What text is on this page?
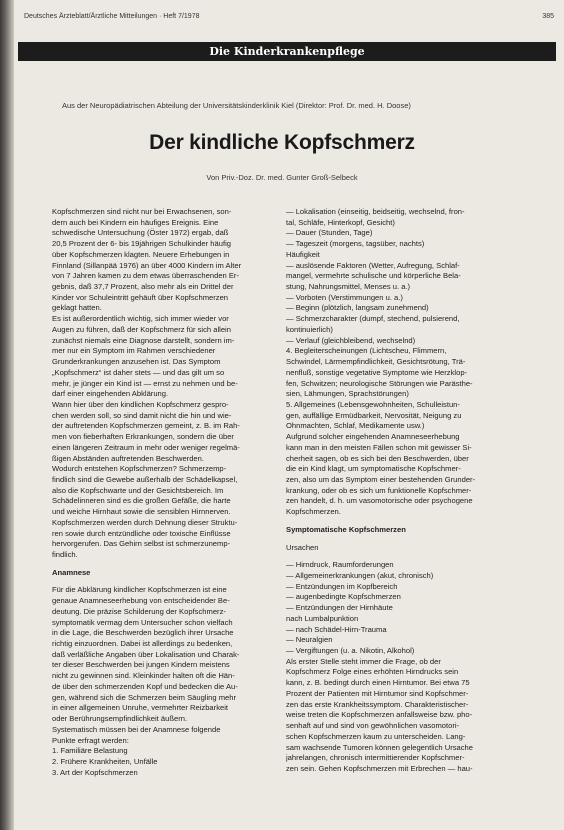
Deutsches Ärzteblatt/Ärztliche Mitteilungen · Heft 7/1978	385
Die Kinderkrankenpflege
Aus der Neuropädiatrischen Abteilung der Universitätskinderklinik Kiel (Direktor: Prof. Dr. med. H. Doose)
Der kindliche Kopfschmerz
Von Priv.-Doz. Dr. med. Gunter Groß-Selbeck
Kopfschmerzen sind nicht nur bei Erwachsenen, son-
dern auch bei Kindern ein häufiges Ereignis. Eine
schwedische Untersuchung (Öster 1972) ergab, daß
20,5 Prozent der 6- bis 19jährigen Schulkinder häufig
über Kopfschmerzen klagten. Neuere Erhebungen in
Finnland (Sillanpää 1976) an über 4000 Kindern im Alter
von 7 Jahren kamen zu dem etwas überraschenden Er-
gebnis, daß 37,7 Prozent, also mehr als ein Drittel der
Kinder vor Schuleintritt gehäuft über Kopfschmerzen
geklagt hatten.
Es ist außerordentlich wichtig, sich immer wieder vor
Augen zu führen, daß der Kopfschmerz für sich allein
zunächst niemals eine Diagnose darstellt, sondern im-
mer nur ein Symptom im Rahmen verschiedener
Grunderkrankungen anzusehen ist. Das Symptom
„Kopfschmerz“ ist daher stets — und das gilt um so
mehr, je jünger ein Kind ist — ernst zu nehmen und be-
darf einer eingehenden Abklärung.
Wann hier über den kindlichen Kopfschmerz gespro-
chen werden soll, so sind damit nicht die hin und wie-
der auftretenden Kopfschmerzen gemeint, z. B. im Rah-
men von fieberhaften Erkrankungen, sondern die über
einen längeren Zeitraum in mehr oder weniger regelmä-
ßigen Abständen auftretenden Beschwerden.
Wodurch entstehen Kopfschmerzen? Schmerzemp-
findlich sind die Gewebe außerhalb der Schädelkapsel,
also die Kopfschwarte und der Gesichtsbereich. Im
Schädelinneren sind es die großen Gefäße, die harte
und weiche Hirnhaut sowie die sensiblen Hirnnerven.
Kopfschmerzen werden durch Dehnung dieser Struktu-
ren sowie durch entzündliche oder toxische Einflüsse
hervorgerufen. Das Gehirn selbst ist schmerzunemp-
findlich.
Anamnese
Für die Abklärung kindlicher Kopfschmerzen ist eine
genaue Anamneseerhebung von entscheidender Be-
deutung. Die präzise Schilderung der Kopfschmerz-
symptomatik vermag dem Untersucher schon vielfach
in die Lage, die Beschwerden bezüglich ihrer Ursache
richtig einzuordnen. Dabei ist allerdings zu bedenken,
daß verläßliche Angaben über Lokalisation und Charak-
ter dieser Beschwerden bei jungen Kindern meistens
nicht zu gewinnen sind. Kleinkinder halten oft die Hän-
de über den schmerzenden Kopf und bedecken die Au-
gen, während sich die Schmerzen beim Säugling mehr
in einer allgemeinen Unruhe, vermehrter Reizbarkeit
oder Berührungsempfindlichkeit äußern.
Systematisch müssen bei der Anamnese folgende
Punkte erfragt werden:
1. Familiäre Belastung
2. Frühere Krankheiten, Unfälle
3. Art der Kopfschmerzen
— Lokalisation (einseitig, beidseitig, wechselnd, fron-
tal, Schläfe, Hinterkopf, Gesicht)
— Dauer (Stunden, Tage)
— Tageszeit (morgens, tagsüber, nachts)
Häufigkeit
— auslösende Faktoren (Wetter, Aufregung, Schlaf-
mangel, vermehrte schulische und körperliche Bela-
stung, Nahrungsmittel, Menses u. a.)
— Vorboten (Verstimmungen u. a.)
— Beginn (plötzlich, langsam zunehmend)
— Schmerzcharakter (dumpf, stechend, pulsierend,
kontinuierlich)
— Verlauf (gleichbleibend, wechselnd)
4. Begleiterscheinungen (Lichtscheu, Flimmern,
Schwindel, Lärmempfindlichkeit, Gesichtsrötung, Trä-
nenfluß, sonstige vegetative Symptome wie Herzklop-
fen, Schwitzen; neurologische Störungen wie Parästhe-
sien, Lähmungen, Sprachstörungen)
5. Allgemeines (Lebensgewohnheiten, Schulleistun-
gen, auffällige Ermüdbarkeit, Nervosität, Neigung zu
Ohnmachten, Schlaf, Medikamente usw.)
Aufgrund solcher eingehenden Anamneseerhebung
kann man in den meisten Fällen schon mit gewisser Si-
cherheit sagen, ob es sich bei den Beschwerden, über
die ein Kind klagt, um symptomatische Kopfschmer-
zen, also um das Symptom einer bestehenden Grunder-
krankung, oder ob es sich um funktionelle Kopfschmer-
zen handelt, d. h. um vasomotorische oder psychogene
Kopfschmerzen.
Symptomatische Kopfschmerzen
Ursachen
— Hirndruck, Raumforderungen
— Allgemeinerkrankungen (akut, chronisch)
— Entzündungen im Kopfbereich
— augenbedingte Kopfschmerzen
— Entzündungen der Hirnhäute
nach Lumbalpunktion
— nach Schädel-Hirn-Trauma
— Neuralgien
— Vergiftungen (u. a. Nikotin, Alkohol)
Als erster Stelle steht immer die Frage, ob der
Kopfschmerz Folge eines erhöhten Hirndrucks sein
kann, z. B. bedingt durch einen Hirntumor. Bei etwa 75
Prozent der Patienten mit Hirntumor sind Kopfschmer-
zen das erste Krankheitssymptom. Charakteristischer-
weise treten die Kopfschmerzen anfallsweise bzw. pho-
senhaft auf und sind von gewöhnlichen vasomotori-
schen Kopfschmerzen kaum zu unterscheiden. Lang-
sam wachsende Tumoren können gelegentlich Ursache
jahrelangen, chronisch intermittierender Kopfschmer-
zen sein. Gehen Kopfschmerzen mit Erbrechen — hau-
